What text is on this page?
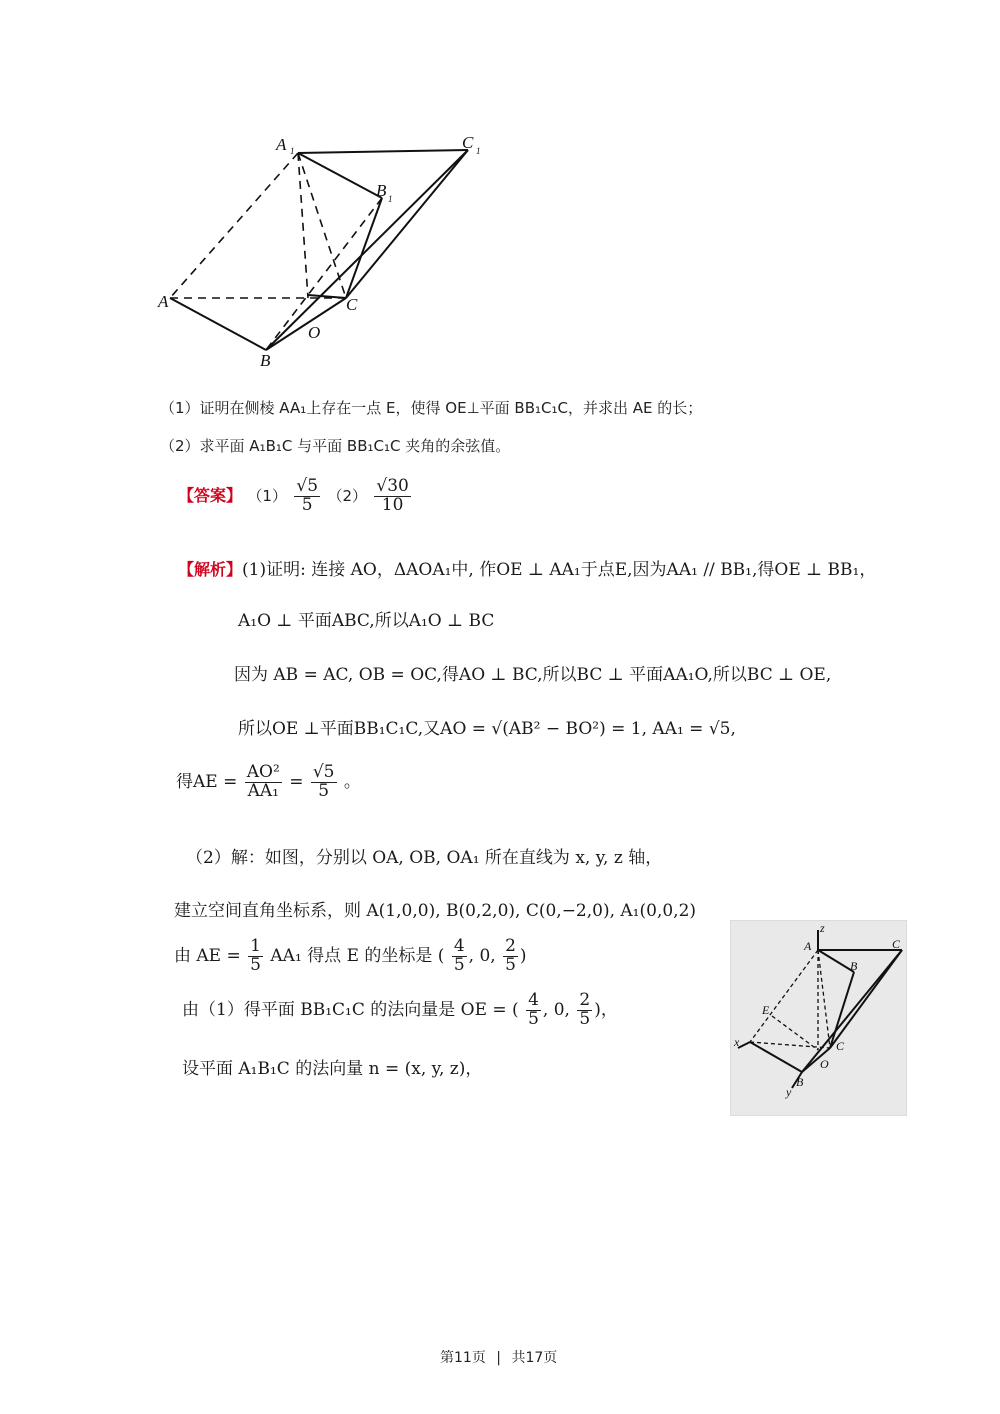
A 1	C 1
B 1
A
B
C
O
（1）证明在侧棱 AA₁上存在一点 E，使得 OE⊥平面 BB₁C₁C，并求出 AE 的长；
（2）求平面 A₁B₁C 与平面 BB₁C₁C 夹角的余弦值。
【答案】 $(1) \frac{√5}{5} (2) \frac{√30}{10}$
【解析】(1)证明: 连接 AO，ΔAOA₁中, 作OE ⊥ AA₁于点E,因为AA₁ // BB₁,得OE ⊥ BB₁，
A₁O ⊥ 平面ABC,所以A₁O ⊥ BC
因为 AB = AC, OB = OC,得AO ⊥ BC,所以BC ⊥ 平面AA₁O,所以BC ⊥ OE,
所以OE ⊥平面BB₁C₁C,又AO = √(AB² − BO²) = 1, AA₁ = √5,
得AE = $\frac{\text{AO²}}{\text{AA₁}} = \frac{√5}{5}$ 。
（2）解：如图，分别以 OA, OB, OA₁ 所在直线为 x, y, z 轴，
建立空间直角坐标系，则 A(1,0,0), B(0,2,0), C(0,−2,0), A₁(0,0,2)
由 AE = $\frac{1}{5} AA_1$ 得点 E 的坐标是 ( $\frac{4}{5}$ , 0, $\frac{2}{5}$ )
由（1）得平面 BB₁C₁C 的法向量是 OE = ( $\frac{4}{5}$ , 0, $\frac{2}{5}$ )，
设平面 A₁B₁C 的法向量 n = (x, y, z)，
z
A	C
B
E
x	C
O
B
y
第11页 | 共17页
